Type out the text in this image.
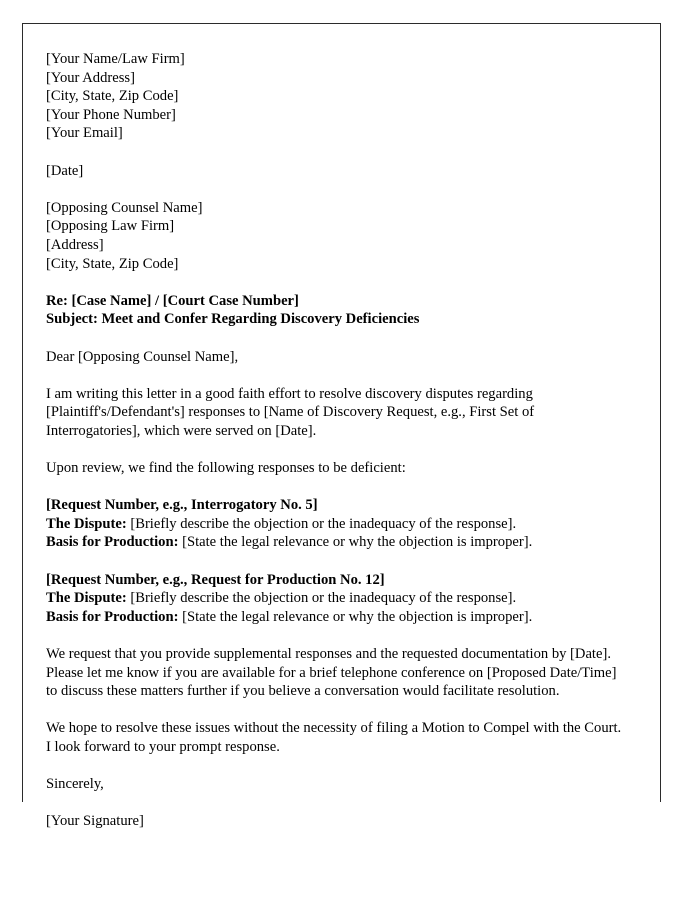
[Your Name/Law Firm]
[Your Address]
[City, State, Zip Code]
[Your Phone Number]
[Your Email]
[Date]
[Opposing Counsel Name]
[Opposing Law Firm]
[Address]
[City, State, Zip Code]
Re: [Case Name] / [Court Case Number]
Subject: Meet and Confer Regarding Discovery Deficiencies
Dear [Opposing Counsel Name],

I am writing this letter in a good faith effort to resolve discovery disputes regarding [Plaintiff's/Defendant's] responses to [Name of Discovery Request, e.g., First Set of Interrogatories], which were served on [Date].

Upon review, we find the following responses to be deficient:

[Request Number, e.g., Interrogatory No. 5]
The Dispute: [Briefly describe the objection or the inadequacy of the response].
Basis for Production: [State the legal relevance or why the objection is improper].
[Request Number, e.g., Request for Production No. 12]
The Dispute: [Briefly describe the objection or the inadequacy of the response].
Basis for Production: [State the legal relevance or why the objection is improper].

We request that you provide supplemental responses and the requested documentation by [Date]. Please let me know if you are available for a brief telephone conference on [Proposed Date/Time] to discuss these matters further if you believe a conversation would facilitate resolution.

We hope to resolve these issues without the necessity of filing a Motion to Compel with the Court. I look forward to your prompt response.

Sincerely,
[Your Signature]
